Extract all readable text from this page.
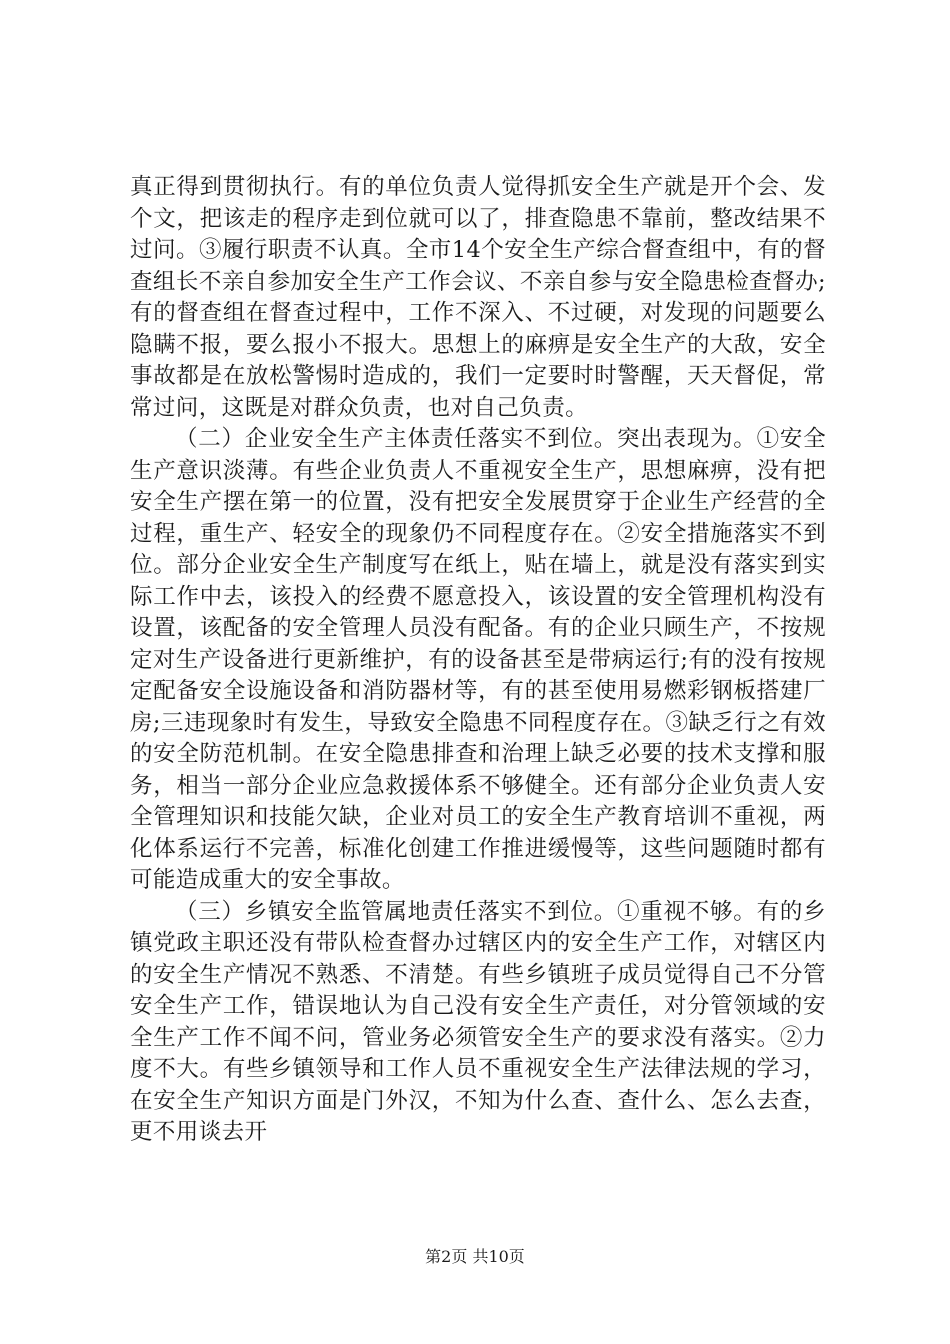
真正得到贯彻执行。有的单位负责人觉得抓安全生产就是开个会、发个文，把该走的程序走到位就可以了，排查隐患不靠前，整改结果不过问。③履行职责不认真。全市14个安全生产综合督查组中，有的督查组长不亲自参加安全生产工作会议、不亲自参与安全隐患检查督办;有的督查组在督查过程中，工作不深入、不过硬，对发现的问题要么隐瞒不报，要么报小不报大。思想上的麻痹是安全生产的大敌，安全事故都是在放松警惕时造成的，我们一定要时时警醒，天天督促，常常过问，这既是对群众负责，也对自己负责。

（二）企业安全生产主体责任落实不到位。突出表现为。①安全生产意识淡薄。有些企业负责人不重视安全生产，思想麻痹，没有把安全生产摆在第一的位置，没有把安全发展贯穿于企业生产经营的全过程，重生产、轻安全的现象仍不同程度存在。②安全措施落实不到位。部分企业安全生产制度写在纸上，贴在墙上，就是没有落实到实际工作中去，该投入的经费不愿意投入，该设置的安全管理机构没有设置，该配备的安全管理人员没有配备。有的企业只顾生产，不按规定对生产设备进行更新维护，有的设备甚至是带病运行;有的没有按规定配备安全设施设备和消防器材等，有的甚至使用易燃彩钢板搭建厂房;三违现象时有发生，导致安全隐患不同程度存在。③缺乏行之有效的安全防范机制。在安全隐患排查和治理上缺乏必要的技术支撑和服务，相当一部分企业应急救援体系不够健全。还有部分企业负责人安全管理知识和技能欠缺，企业对员工的安全生产教育培训不重视，两化体系运行不完善，标准化创建工作推进缓慢等，这些问题随时都有可能造成重大的安全事故。

（三）乡镇安全监管属地责任落实不到位。①重视不够。有的乡镇党政主职还没有带队检查督办过辖区内的安全生产工作，对辖区内的安全生产情况不熟悉、不清楚。有些乡镇班子成员觉得自己不分管安全生产工作，错误地认为自己没有安全生产责任，对分管领域的安全生产工作不闻不问，管业务必须管安全生产的要求没有落实。②力度不大。有些乡镇领导和工作人员不重视安全生产法律法规的学习，在安全生产知识方面是门外汉，不知为什么查、查什么、怎么去查，更不用谈去开

第2页 共10页
